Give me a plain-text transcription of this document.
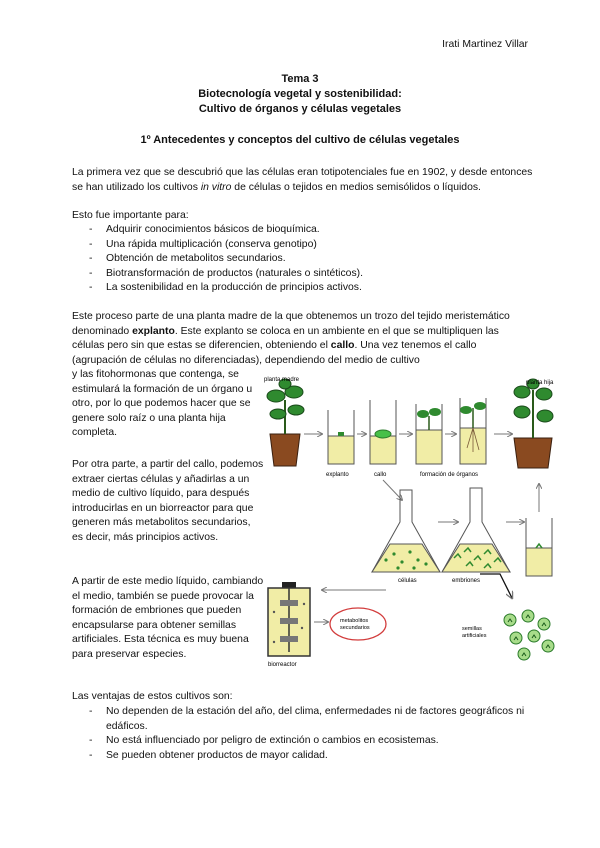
Irati Martinez Villar
Tema 3
Biotecnología vegetal y sostenibilidad:
Cultivo de órganos y células vegetales
1º Antecedentes y conceptos del cultivo de células vegetales
La primera vez que se descubrió que las células eran totipotenciales fue en 1902, y desde entonces se han utilizado los cultivos in vitro de células o tejidos en medios semisólidos o líquidos.
Esto fue importante para:
- Adquirir conocimientos básicos de bioquímica.
- Una rápida multiplicación (conserva genotipo)
- Obtención de metabolitos secundarios.
- Biotransformación de productos (naturales o sintéticos).
- La sostenibilidad en la producción de principios activos.
Este proceso parte de una planta madre de la que obtenemos un trozo del tejido meristemático denominado explanto. Este explanto se coloca en un ambiente en el que se multipliquen las células pero sin que estas se diferencien, obteniendo el callo. Una vez tenemos el callo (agrupación de células no diferenciadas), dependiendo del medio de cultivo
y las fitohormonas que contenga, se estimulará la formación de un órgano u otro, por lo que podemos hacer que se genere solo raíz o una planta hija completa.
Por otra parte, a partir del callo, podemos extraer ciertas células y añadirlas a un medio de cultivo líquido, para después introducirlas en un biorreactor para que generen más metabolitos secundarios, es decir, más principios activos.
A partir de este medio líquido, cambiando el medio, también se puede provocar la formación de embriones que pueden encapsularse para obtener semillas artificiales. Esta técnica es muy buena para preservar especies.
planta madre
explanto	callo	formación de órganos
planta hija
células	embriones
biorreactor
metabolitos
secundarios	semillas
artificiales
Las ventajas de estos cultivos son:
- No dependen de la estación del año, del clima, enfermedades ni de factores geográficos ni edáficos.
- No está influenciado por peligro de extinción o cambios en ecosistemas.
- Se pueden obtener productos de mayor calidad.
